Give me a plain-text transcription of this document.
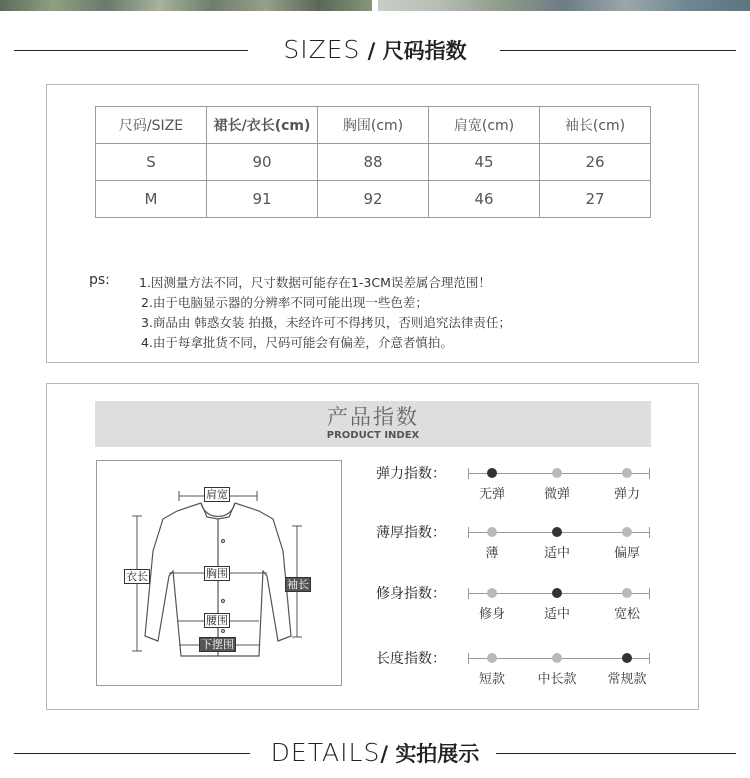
SIZES / 尺码指数
尺码/SIZE	裙长/衣长(cm)	胸围(cm)	肩宽(cm)	袖长(cm)
S	90	88	45	26
M	91	92	46	27
ps: 1.因测量方法不同，尺寸数据可能存在1-3CM误差属合理范围！
2.由于电脑显示器的分辨率不同可能出现一些色差；
3.商品由 韩惑女装 拍摄，未经许可不得拷贝，否则追究法律责任；
4.由于每拿批货不同，尺码可能会有偏差，介意者慎拍。
产品指数
PRODUCT INDEX
肩宽
胸围
衣长
袖长
腰围
下摆围
弹力指数：
无弹	微弹	弹力
薄厚指数：
薄	适中	偏厚
修身指数：
修身	适中	宽松
长度指数：
短款 中长款 常规款
DETAILS/ 实拍展示
